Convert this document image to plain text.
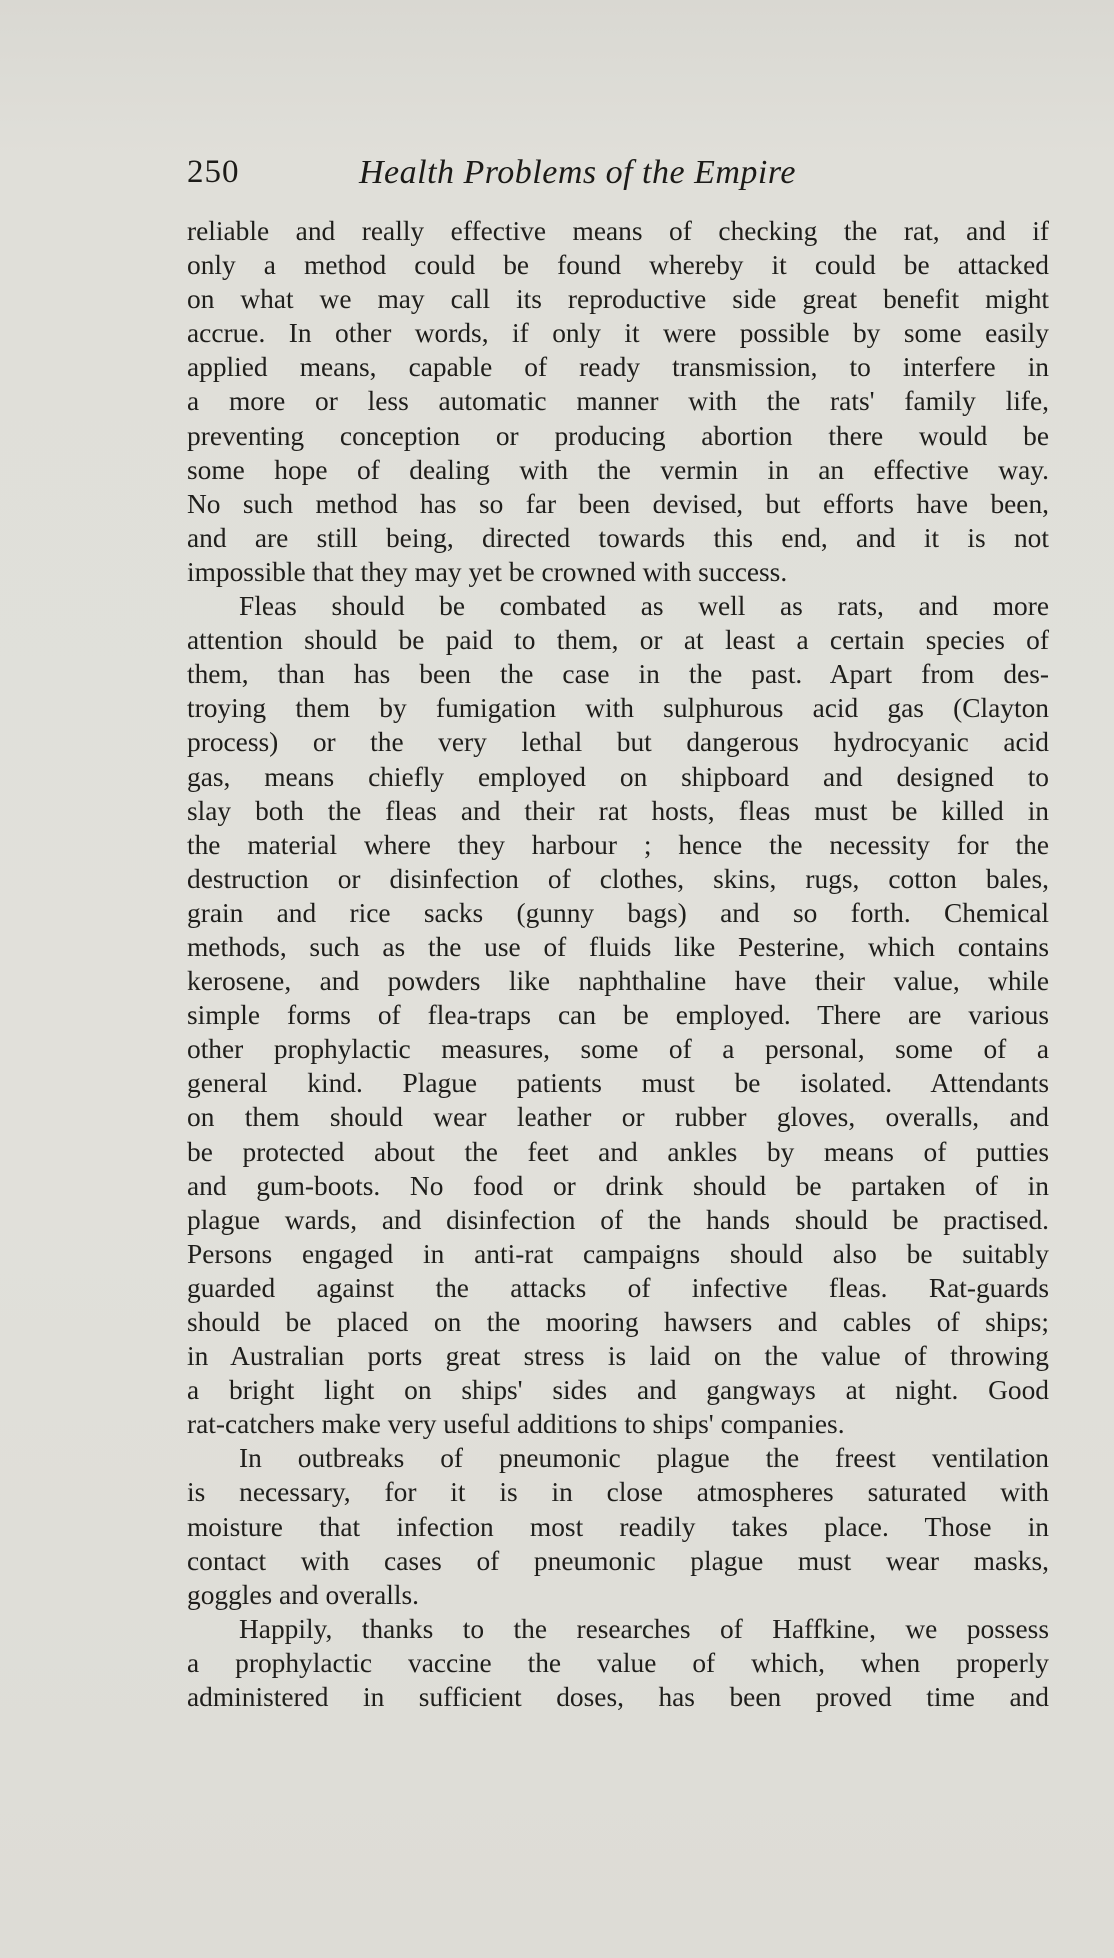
250	Health Problems of the Empire
reliable and really effective means of checking the rat, and if
only a method could be found whereby it could be attacked
on what we may call its reproductive side great benefit might
accrue. In other words, if only it were possible by some easily
applied means, capable of ready transmission, to interfere in
a more or less automatic manner with the rats' family life,
preventing conception or producing abortion there would be
some hope of dealing with the vermin in an effective way.
No such method has so far been devised, but efforts have been,
and are still being, directed towards this end, and it is not
impossible that they may yet be crowned with success.
Fleas should be combated as well as rats, and more
attention should be paid to them, or at least a certain species of
them, than has been the case in the past. Apart from des-
troying them by fumigation with sulphurous acid gas (Clayton
process) or the very lethal but dangerous hydrocyanic acid
gas, means chiefly employed on shipboard and designed to
slay both the fleas and their rat hosts, fleas must be killed in
the material where they harbour ; hence the necessity for the
destruction or disinfection of clothes, skins, rugs, cotton bales,
grain and rice sacks (gunny bags) and so forth. Chemical
methods, such as the use of fluids like Pesterine, which contains
kerosene, and powders like naphthaline have their value, while
simple forms of flea-traps can be employed. There are various
other prophylactic measures, some of a personal, some of a
general kind. Plague patients must be isolated. Attendants
on them should wear leather or rubber gloves, overalls, and
be protected about the feet and ankles by means of putties
and gum-boots. No food or drink should be partaken of in
plague wards, and disinfection of the hands should be practised.
Persons engaged in anti-rat campaigns should also be suitably
guarded against the attacks of infective fleas. Rat-guards
should be placed on the mooring hawsers and cables of ships;
in Australian ports great stress is laid on the value of throwing
a bright light on ships' sides and gangways at night. Good
rat-catchers make very useful additions to ships' companies.
In outbreaks of pneumonic plague the freest ventilation
is necessary, for it is in close atmospheres saturated with
moisture that infection most readily takes place. Those in
contact with cases of pneumonic plague must wear masks,
goggles and overalls.
Happily, thanks to the researches of Haffkine, we possess
a prophylactic vaccine the value of which, when properly
administered in sufficient doses, has been proved time and
